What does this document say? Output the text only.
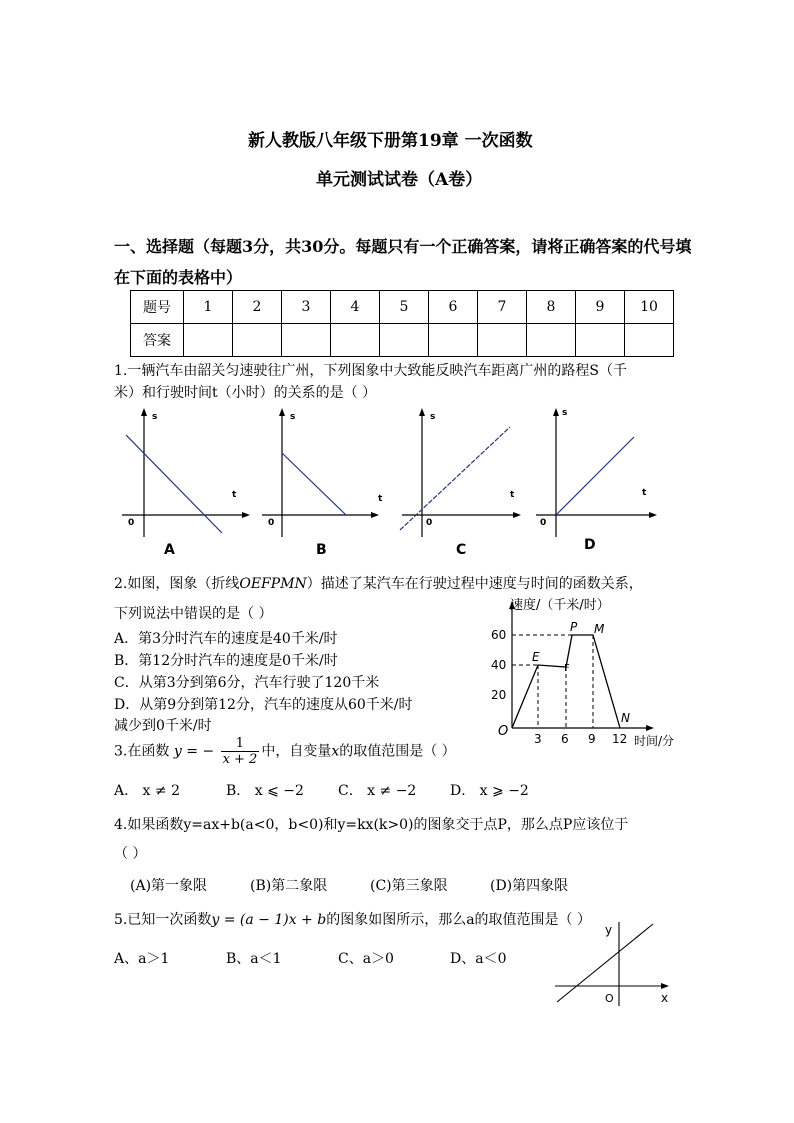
新人教版八年级下册第19章 一次函数
单元测试试卷（A卷）
一、选择题（每题3分，共30分。每题只有一个正确答案，请将正确答案的代号填
在下面的表格中）
题号	1	2	3	4	5	6	7	8	9	10
答案										
1.一辆汽车由韶关匀速驶往广州，下列图象中大致能反映汽车距离广州的路程S（千
米）和行驶时间t（小时）的关系的是（ ）
s
t
0
A
s
t
0
B
s
t
0
C
s
t
0
D
2.如图，图象（折线OEFPMN）描述了某汽车在行驶过程中速度与时间的函数关系，
下列说法中错误的是（ ）
A．第3分时汽车的速度是40千米/时
B．第12分时汽车的速度是0千米/时
C．从第3分到第6分，汽车行驶了120千米
D．从第9分到第12分，汽车的速度从60千米/时
减少到0千米/时
速度/（千米/时）
60
40
20
3 6 9 12 时间/分
O
E
F
P M
N
3.在函数 y = − $\frac{1}{x + 2}$ 中，自变量x的取值范围是（ ）
A． x ≠ 2	B． x ⩽ −2 C． x ≠ −2 D． x ⩾ −2
4.如果函数y=ax+b(a<0，b<0)和y=kx(k>0)的图象交于点P，那么点P应该位于
（ ）
(A)第一象限	(B)第二象限	(C)第三象限	(D)第四象限
5.已知一次函数y = (a − 1)x + b的图象如图所示，那么a的取值范围是（ ）
A、a＞1	B、a＜1	C、a＞0	D、a＜0
y
x
O
